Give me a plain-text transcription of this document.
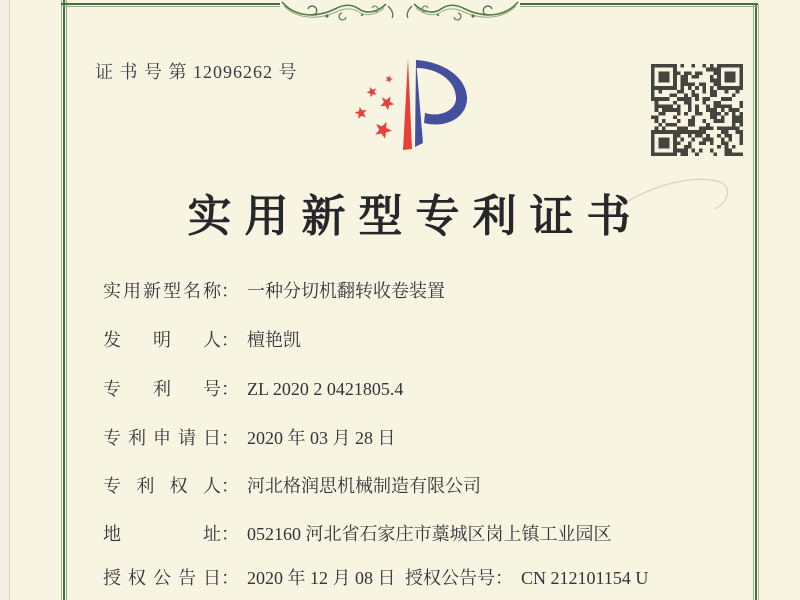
证 书 号 第 12096262 号
实用新型专利证书
实用新型名称： 一种分切机翻转收卷装置
发明人： 檀艳凯
专利号： ZL 2020 2 0421805.4
专利申请日： 2020 年 03 月 28 日
专利权人： 河北格润思机械制造有限公司
地址： 052160 河北省石家庄市藁城区岗上镇工业园区
授权公告日： 2020 年 12 月 08 日 授权公告号： CN 212101154 U
